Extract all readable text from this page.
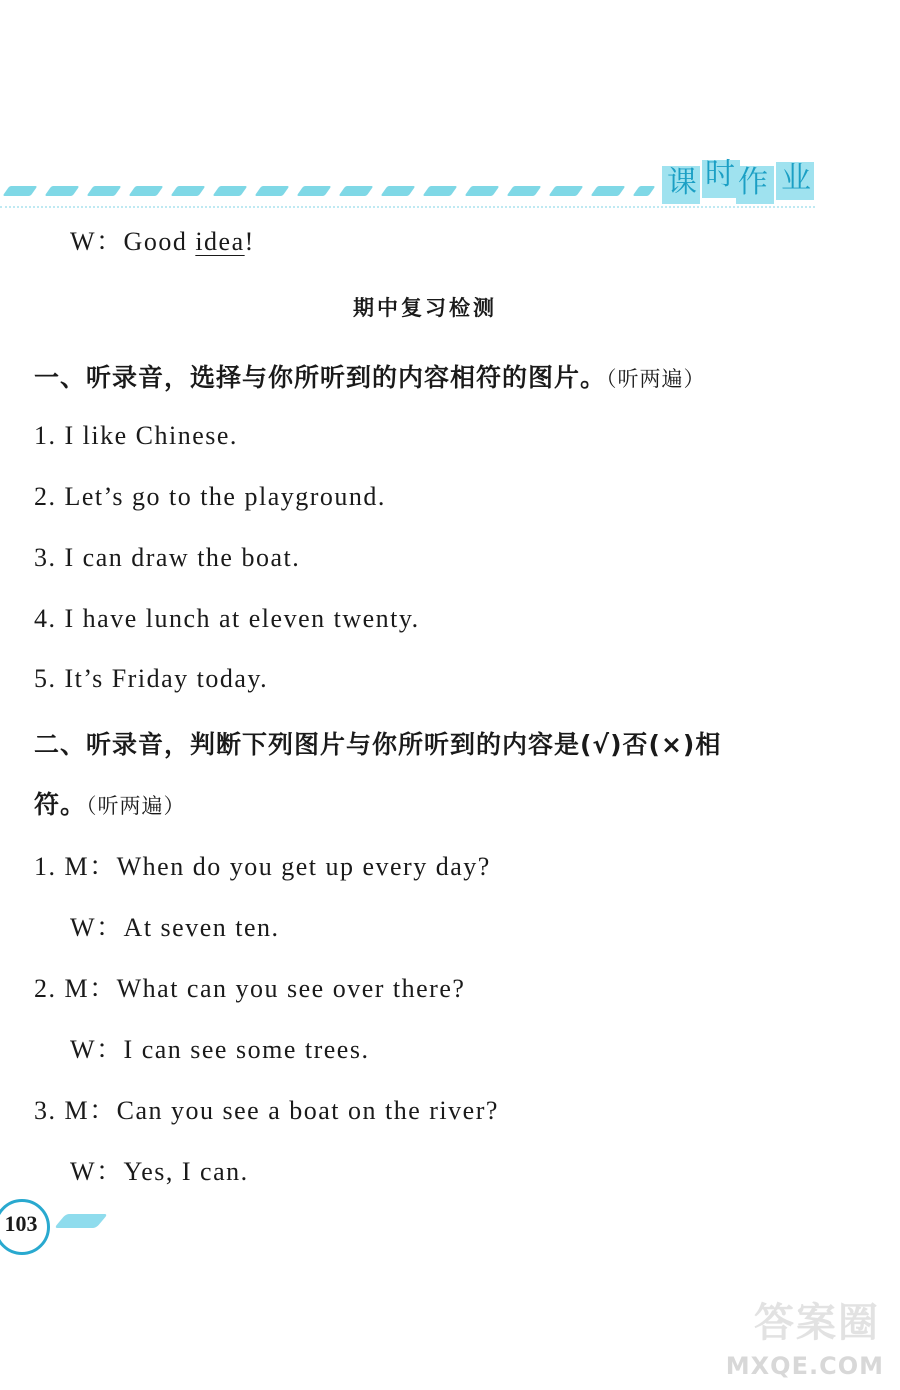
课 时 作 业
W：Good idea!
期中复习检测
一、听录音，选择与你所听到的内容相符的图片。（听两遍）
1. I like Chinese.
2. Let’s go to the playground.
3. I can draw the boat.
4. I have lunch at eleven twenty.
5. It’s Friday today.
二、听录音，判断下列图片与你所听到的内容是(√)否(×)相
符。（听两遍）
1. M：When do you get up every day?
W：At seven ten.
2. M：What can you see over there?
W：I can see some trees.
3. M：Can you see a boat on the river?
W：Yes, I can.
103
答案圈
MXQE.COM
